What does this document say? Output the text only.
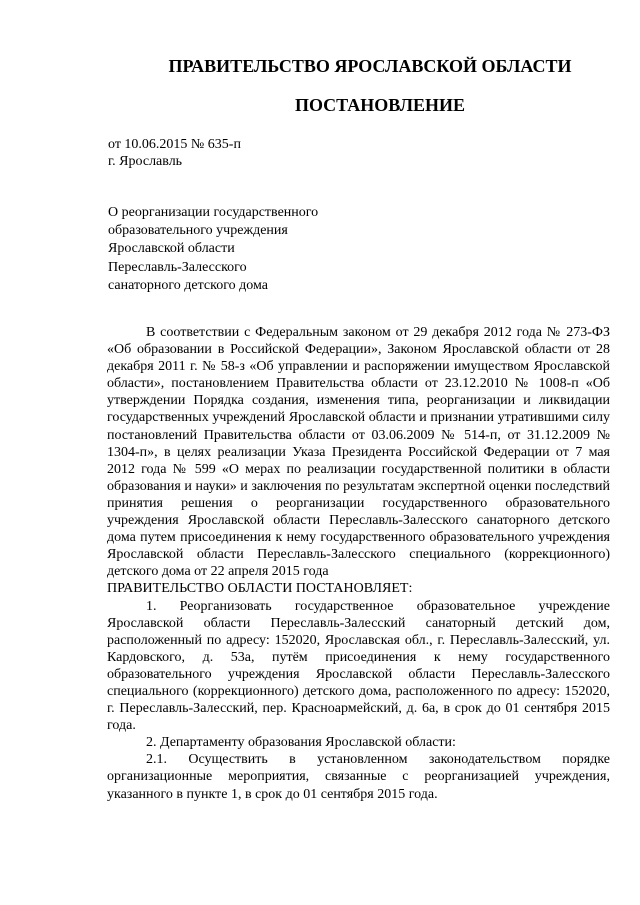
ПРАВИТЕЛЬСТВО ЯРОСЛАВСКОЙ ОБЛАСТИ
ПОСТАНОВЛЕНИЕ
от 10.06.2015 № 635-п
г. Ярославль
О реорганизации государственного
образовательного учреждения
Ярославской области
Переславль-Залесского
санаторного детского дома

В соответствии с Федеральным законом от 29 декабря 2012 года № 273-ФЗ «Об образовании в Российской Федерации», Законом Ярославской области от 28 декабря 2011 г. № 58-з «Об управлении и распоряжении имуществом Ярославской области», постановлением Правительства области от 23.12.2010 № 1008-п «Об утверждении Порядка создания, изменения типа, реорганизации и ликвидации государственных учреждений Ярославской области и признании утратившими силу постановлений Правительства области от 03.06.2009 № 514-п, от 31.12.2009 № 1304-п», в целях реализации Указа Президента Российской Федерации от 7 мая 2012 года № 599 «О мерах по реализации государственной политики в области образования и науки» и заключения по результатам экспертной оценки последствий принятия решения о реорганизации государственного образовательного учреждения Ярославской области Переславль-Залесского санаторного детского дома путем присоединения к нему государственного образовательного учреждения Ярославской области Переславль-Залесского специального (коррекционного) детского дома от 22 апреля 2015 года

ПРАВИТЕЛЬСТВО ОБЛАСТИ ПОСТАНОВЛЯЕТ:

1. Реорганизовать государственное образовательное учреждение Ярославской области Переславль-Залесский санаторный детский дом, расположенный по адресу: 152020, Ярославская обл., г. Переславль-Залесский, ул. Кардовского, д. 53а, путём присоединения к нему государственного образовательного учреждения Ярославской области Переславль-Залесского специального (коррекционного) детского дома, расположенного по адресу: 152020, г. Переславль-Залесский, пер. Красноармейский, д. 6а, в срок до 01 сентября 2015 года.

2. Департаменту образования Ярославской области:

2.1. Осуществить в установленном законодательством порядке организационные мероприятия, связанные с реорганизацией учреждения, указанного в пункте 1, в срок до 01 сентября 2015 года.
